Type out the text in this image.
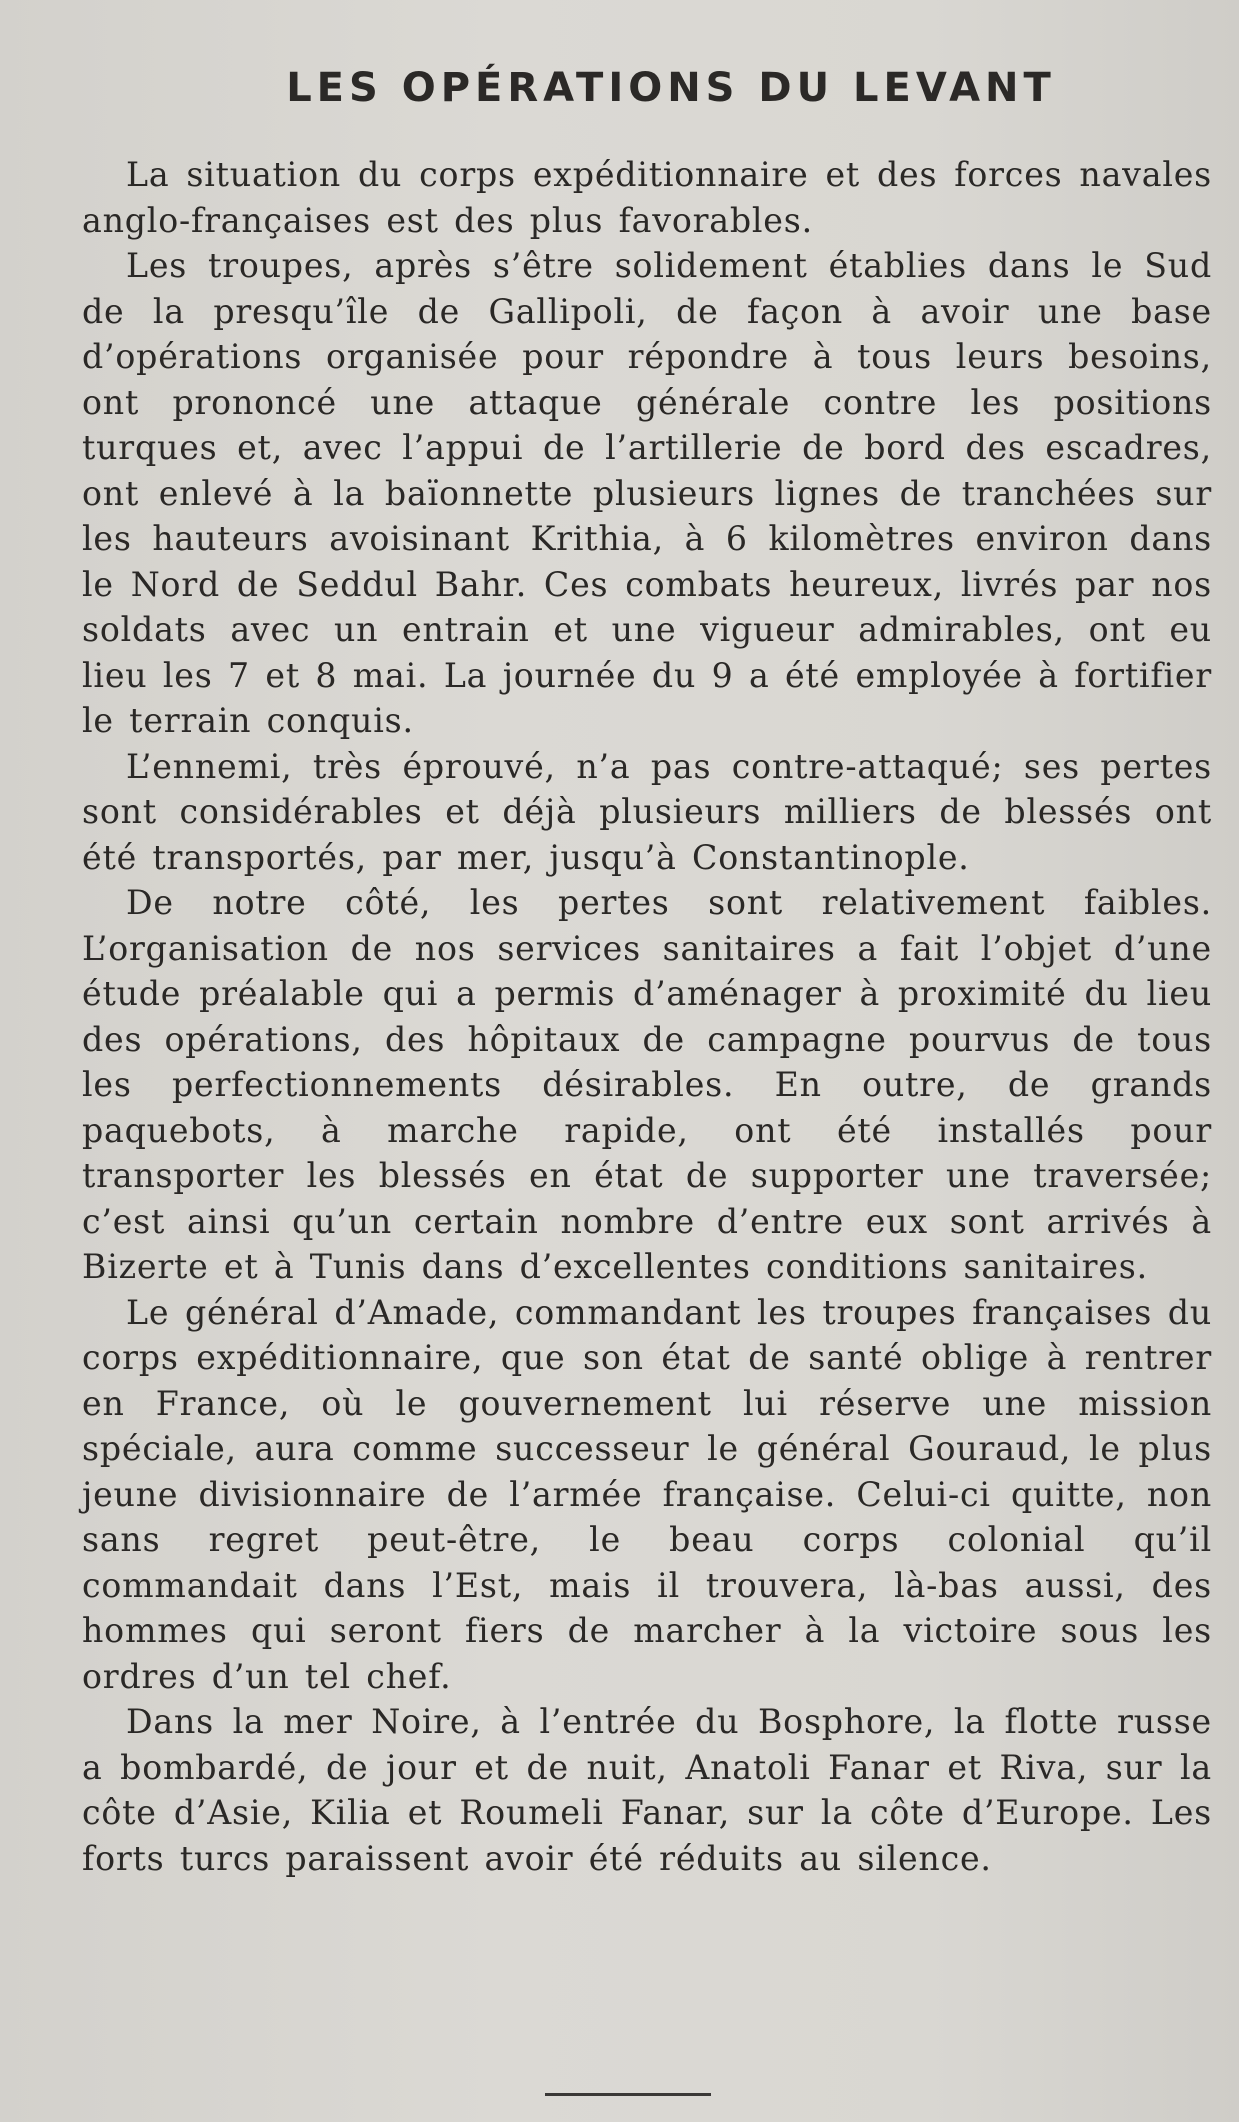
LES OPÉRATIONS DU LEVANT

La situation du corps expéditionnaire et des forces navales anglo-françaises est des plus favorables.

Les troupes, après s’être solidement établies dans le Sud de la presqu’île de Gallipoli, de façon à avoir une base d’opérations organisée pour répondre à tous leurs besoins, ont prononcé une attaque générale contre les positions turques et, avec l’appui de l’artillerie de bord des escadres, ont enlevé à la baïonnette plusieurs lignes de tranchées sur les hauteurs avoisinant Krithia, à 6 kilomètres environ dans le Nord de Seddul Bahr. Ces combats heureux, livrés par nos soldats avec un entrain et une vigueur admirables, ont eu lieu les 7 et 8 mai. La journée du 9 a été employée à fortifier le terrain conquis.

L’ennemi, très éprouvé, n’a pas contre-attaqué; ses pertes sont considérables et déjà plusieurs milliers de blessés ont été transportés, par mer, jusqu’à Constantinople.

De notre côté, les pertes sont relativement faibles. L’organisation de nos services sanitaires a fait l’objet d’une étude préalable qui a permis d’aménager à proximité du lieu des opérations, des hôpitaux de campagne pourvus de tous les perfectionnements désirables. En outre, de grands paquebots, à marche rapide, ont été installés pour transporter les blessés en état de supporter une traversée; c’est ainsi qu’un certain nombre d’entre eux sont arrivés à Bizerte et à Tunis dans d’excellentes conditions sanitaires.

Le général d’Amade, commandant les troupes françaises du corps expéditionnaire, que son état de santé oblige à rentrer en France, où le gouvernement lui réserve une mission spéciale, aura comme successeur le général Gouraud, le plus jeune divisionnaire de l’armée française. Celui-ci quitte, non sans regret peut-être, le beau corps colonial qu’il commandait dans l’Est, mais il trouvera, là-bas aussi, des hommes qui seront fiers de marcher à la victoire sous les ordres d’un tel chef.

Dans la mer Noire, à l’entrée du Bosphore, la flotte russe a bombardé, de jour et de nuit, Anatoli Fanar et Riva, sur la côte d’Asie, Kilia et Roumeli Fanar, sur la côte d’Europe. Les forts turcs paraissent avoir été réduits au silence.
